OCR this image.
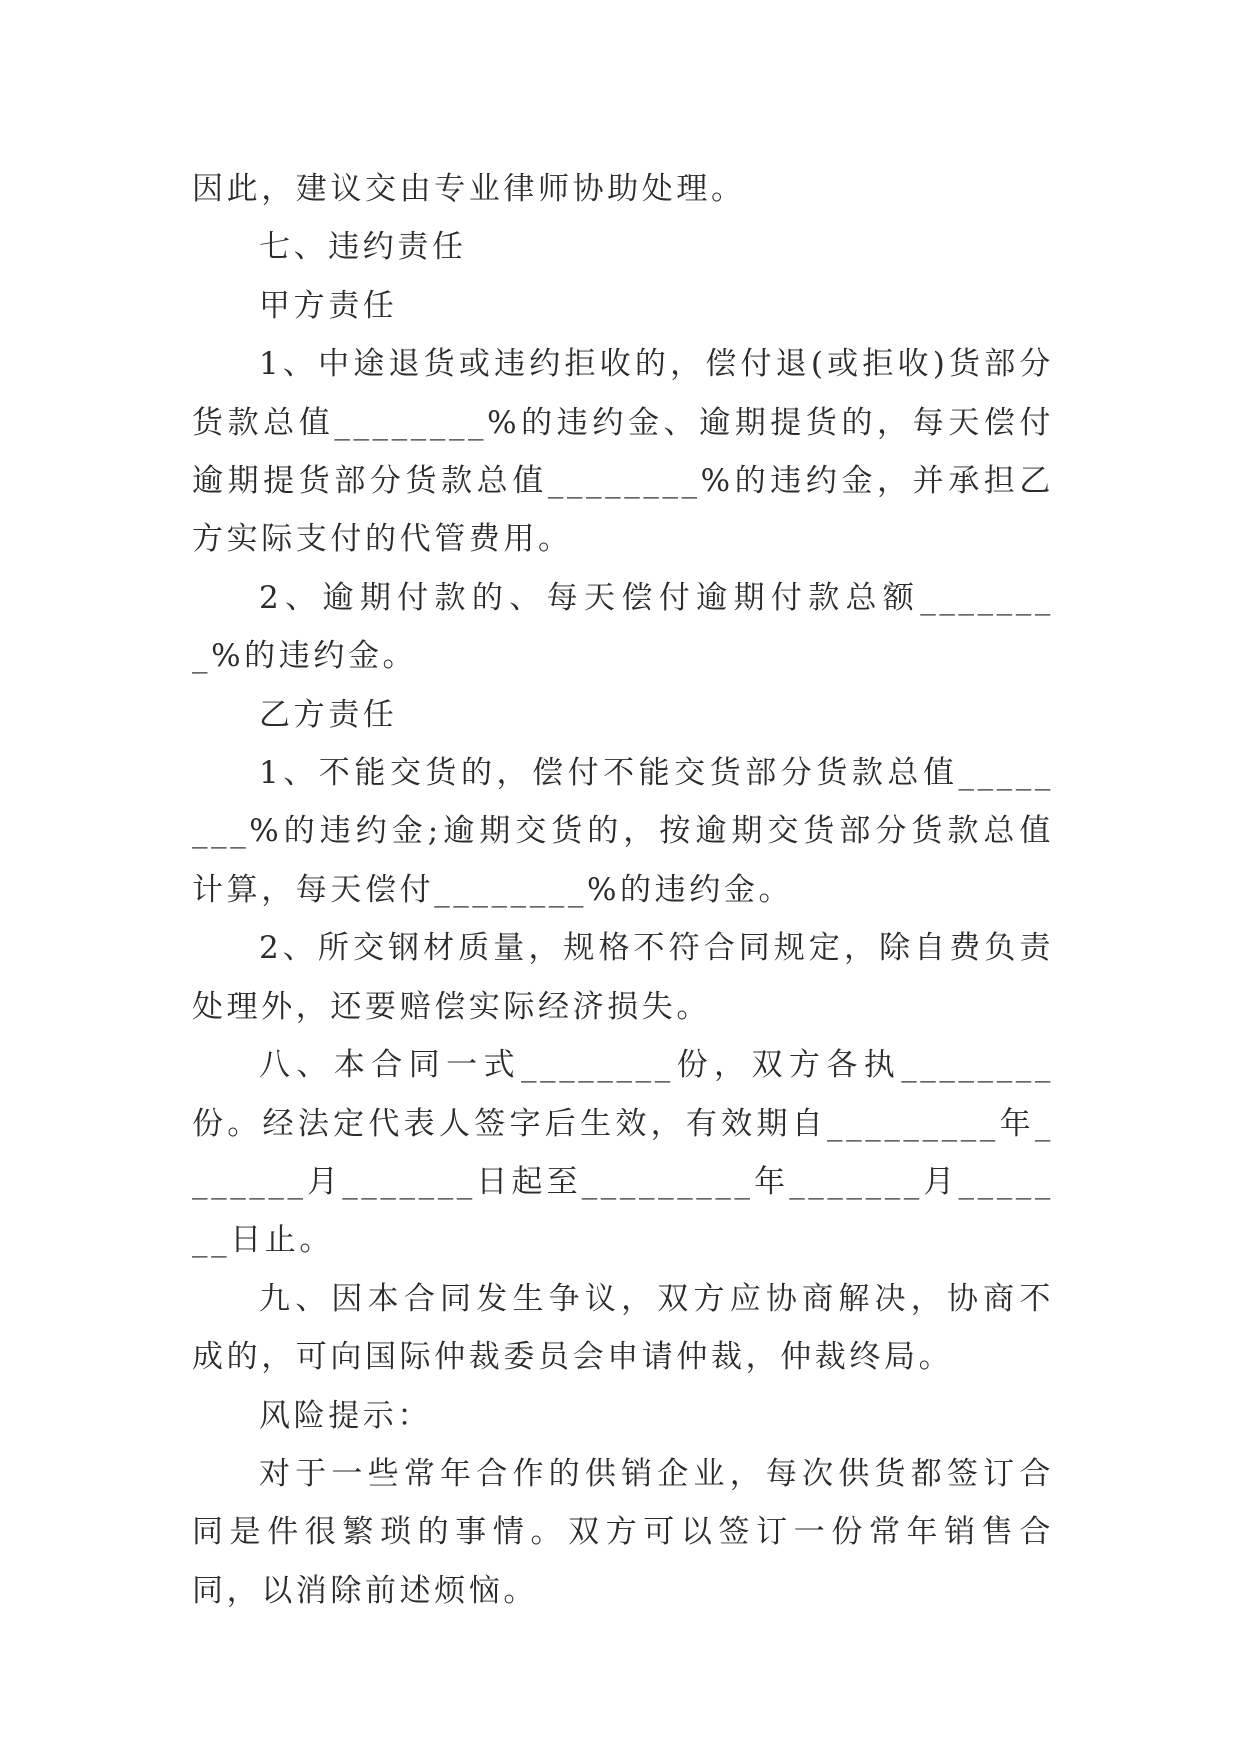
因此，建议交由专业律师协助处理。

七、违约责任

甲方责任

1、中途退货或违约拒收的，偿付退(或拒收)货部分货款总值________%的违约金、逾期提货的，每天偿付逾期提货部分货款总值________%的违约金，并承担乙方实际支付的代管费用。

2、逾期付款的、每天偿付逾期付款总额________%的违约金。

乙方责任

1、不能交货的，偿付不能交货部分货款总值________%的违约金;逾期交货的，按逾期交货部分货款总值计算，每天偿付________%的违约金。

2、所交钢材质量，规格不符合同规定，除自费负责处理外，还要赔偿实际经济损失。

八、本合同一式________份，双方各执________份。经法定代表人签字后生效，有效期自_________年_______月_______日起至_________年_______月_______日止。

九、因本合同发生争议，双方应协商解决，协商不成的，可向国际仲裁委员会申请仲裁，仲裁终局。

风险提示：

对于一些常年合作的供销企业，每次供货都签订合同是件很繁琐的事情。双方可以签订一份常年销售合同，以消除前述烦恼。
